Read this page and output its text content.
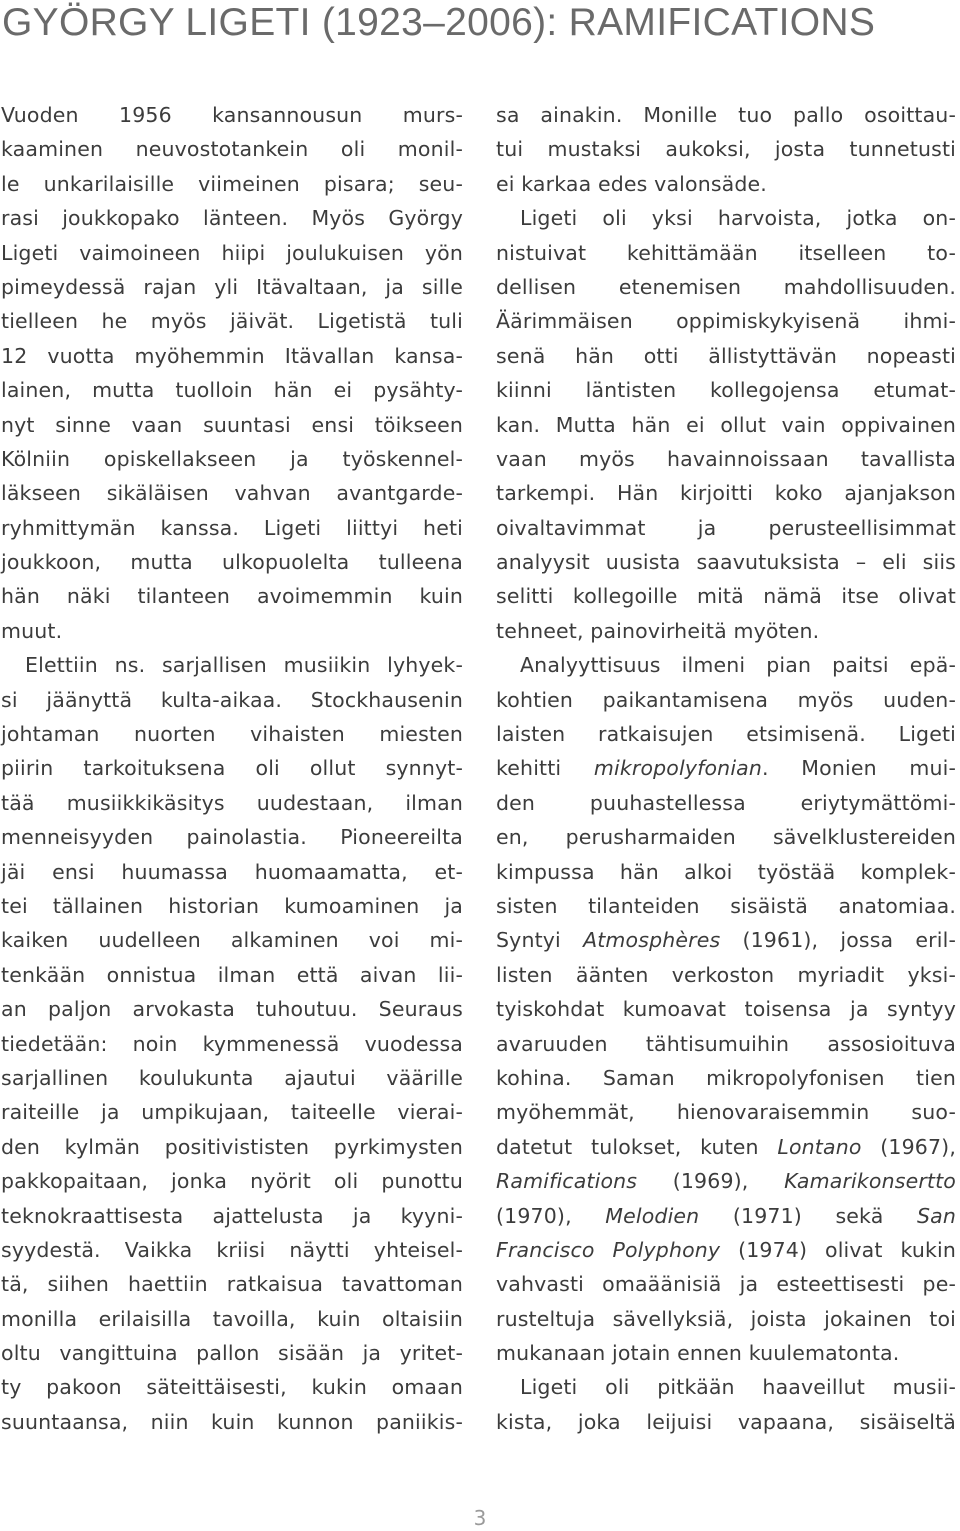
GYÖRGY LIGETI (1923–2006): RAMIFICATIONS
Vuoden 1956 kansannousun murs-
kaaminen neuvostotankein oli monil-
le unkarilaisille viimeinen pisara; seu-
rasi joukkopako länteen. Myös György
Ligeti vaimoineen hiipi joulukuisen yön
pimeydessä rajan yli Itävaltaan, ja sille
tielleen he myös jäivät. Ligetistä tuli
12 vuotta myöhemmin Itävallan kansa-
lainen, mutta tuolloin hän ei pysähty-
nyt sinne vaan suuntasi ensi töikseen
Kölniin opiskellakseen ja työskennel-
läkseen sikäläisen vahvan avantgarde-
ryhmittymän kanssa. Ligeti liittyi heti
joukkoon, mutta ulkopuolelta tulleena
hän näki tilanteen avoimemmin kuin
muut.
Elettiin ns. sarjallisen musiikin lyhyek-
si jäänyttä kulta-aikaa. Stockhausenin
johtaman nuorten vihaisten miesten
piirin tarkoituksena oli ollut synnyt-
tää musiikkikäsitys uudestaan, ilman
menneisyyden painolastia. Pioneereilta
jäi ensi huumassa huomaamatta, et-
tei tällainen historian kumoaminen ja
kaiken uudelleen alkaminen voi mi-
tenkään onnistua ilman että aivan lii-
an paljon arvokasta tuhoutuu. Seuraus
tiedetään: noin kymmenessä vuodessa
sarjallinen koulukunta ajautui väärille
raiteille ja umpikujaan, taiteelle vierai-
den kylmän positivististen pyrkimysten
pakkopaitaan, jonka nyörit oli punottu
teknokraattisesta ajattelusta ja kyyni-
syydestä. Vaikka kriisi näytti yhteisel-
tä, siihen haettiin ratkaisua tavattoman
monilla erilaisilla tavoilla, kuin oltaisiin
oltu vangittuina pallon sisään ja yritet-
ty pakoon säteittäisesti, kukin omaan
suuntaansa, niin kuin kunnon paniikis-
sa ainakin. Monille tuo pallo osoittau-
tui mustaksi aukoksi, josta tunnetusti
ei karkaa edes valonsäde.
Ligeti oli yksi harvoista, jotka on-
nistuivat kehittämään itselleen to-
dellisen etenemisen mahdollisuuden.
Äärimmäisen oppimiskykyisenä ihmi-
senä hän otti ällistyttävän nopeasti
kiinni läntisten kollegojensa etumat-
kan. Mutta hän ei ollut vain oppivainen
vaan myös havainnoissaan tavallista
tarkempi. Hän kirjoitti koko ajanjakson
oivaltavimmat ja perusteellisimmat
analyysit uusista saavutuksista – eli siis
selitti kollegoille mitä nämä itse olivat
tehneet, painovirheitä myöten.
Analyyttisuus ilmeni pian paitsi epä-
kohtien paikantamisena myös uuden-
laisten ratkaisujen etsimisenä. Ligeti
kehitti mikropolyfonian. Monien mui-
den puuhastellessa eriytymättömi-
en, perusharmaiden sävelklustereiden
kimpussa hän alkoi työstää komplek-
sisten tilanteiden sisäistä anatomiaa.
Syntyi Atmosphères (1961), jossa eril-
listen äänten verkoston myriadit yksi-
tyiskohdat kumoavat toisensa ja syntyy
avaruuden tähtisumuihin assosioituva
kohina. Saman mikropolyfonisen tien
myöhemmät, hienovaraisemmin suo-
datetut tulokset, kuten Lontano (1967),
Ramifications (1969), Kamarikonsertto
(1970), Melodien (1971) sekä San
Francisco Polyphony (1974) olivat kukin
vahvasti omaäänisiä ja esteettisesti pe-
rusteltuja sävellyksiä, joista jokainen toi
mukanaan jotain ennen kuulematonta.
Ligeti oli pitkään haaveillut musii-
kista, joka leijuisi vapaana, sisäiseltä
3
